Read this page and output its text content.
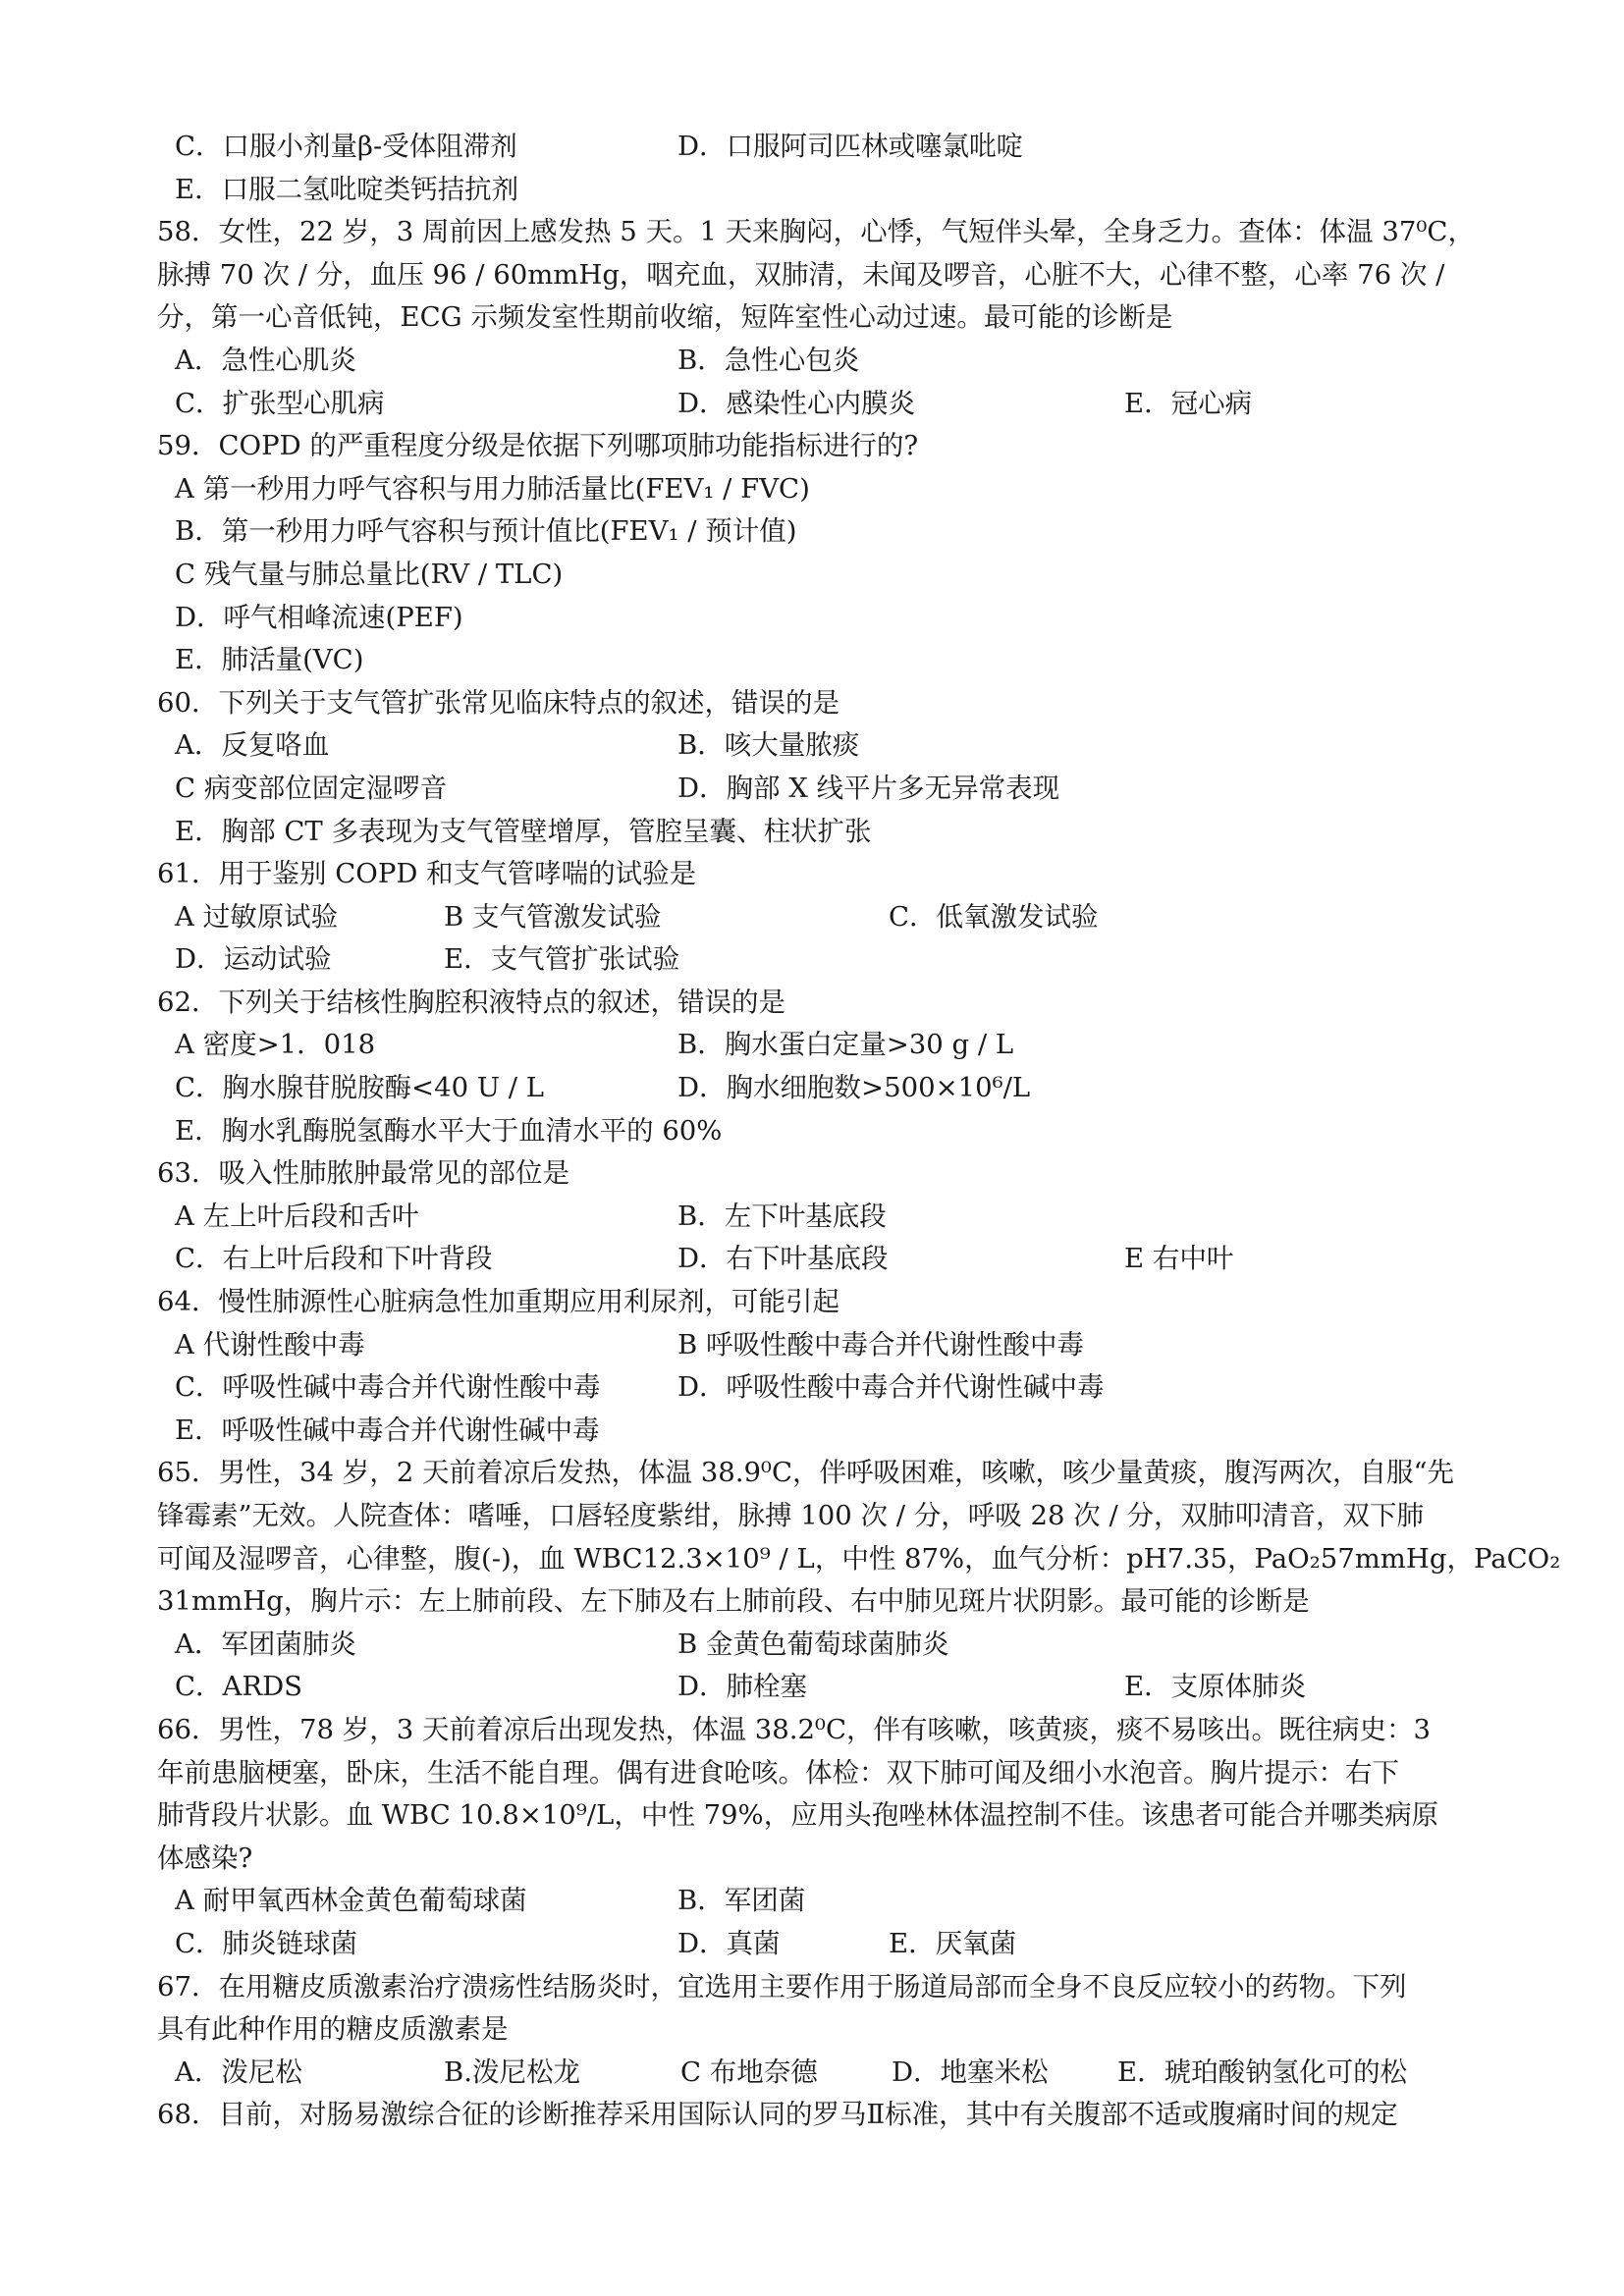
C．口服小剂量β-受体阻滞剂	D．口服阿司匹林或噻氯吡啶
E．口服二氢吡啶类钙拮抗剂
58．女性，22 岁，3 周前因上感发热 5 天。1 天来胸闷，心悸，气短伴头晕，全身乏力。查体：体温 37⁰C，
脉搏 70 次 / 分，血压 96 / 60mmHg，咽充血，双肺清，未闻及啰音，心脏不大，心律不整，心率 76 次 /
分，第一心音低钝，ECG 示频发室性期前收缩，短阵室性心动过速。最可能的诊断是
A．急性心肌炎	B．急性心包炎
C．扩张型心肌病	D．感染性心内膜炎	E．冠心病
59．COPD 的严重程度分级是依据下列哪项肺功能指标进行的?
A 第一秒用力呼气容积与用力肺活量比(FEV₁ / FVC)
B．第一秒用力呼气容积与预计值比(FEV₁ / 预计值)
C 残气量与肺总量比(RV / TLC)
D．呼气相峰流速(PEF)
E．肺活量(VC)
60．下列关于支气管扩张常见临床特点的叙述，错误的是
A．反复咯血	B．咳大量脓痰
C 病变部位固定湿啰音	D．胸部 X 线平片多无异常表现
E．胸部 CT 多表现为支气管壁增厚，管腔呈囊、柱状扩张
61．用于鉴别 COPD 和支气管哮喘的试验是
A 过敏原试验	B 支气管激发试验	C．低氧激发试验
D．运动试验	E．支气管扩张试验
62．下列关于结核性胸腔积液特点的叙述，错误的是
A 密度>1．018	B．胸水蛋白定量>30 g / L
C．胸水腺苷脱胺酶<40 U / L	D．胸水细胞数>500×10⁶/L
E．胸水乳酶脱氢酶水平大于血清水平的 60%
63．吸入性肺脓肿最常见的部位是
A 左上叶后段和舌叶	B．左下叶基底段
C．右上叶后段和下叶背段	D．右下叶基底段	E 右中叶
64．慢性肺源性心脏病急性加重期应用利尿剂，可能引起
A 代谢性酸中毒	B 呼吸性酸中毒合并代谢性酸中毒
C．呼吸性碱中毒合并代谢性酸中毒	D．呼吸性酸中毒合并代谢性碱中毒
E．呼吸性碱中毒合并代谢性碱中毒
65．男性，34 岁，2 天前着凉后发热，体温 38.9⁰C，伴呼吸困难，咳嗽，咳少量黄痰，腹泻两次，自服“先
锋霉素”无效。人院查体：嗜唾，口唇轻度紫绀，脉搏 100 次 / 分，呼吸 28 次 / 分，双肺叩清音，双下肺
可闻及湿啰音，心律整，腹(-)，血 WBC12.3×10⁹ / L，中性 87%，血气分析：pH7.35，PaO₂57mmHg，PaCO₂
31mmHg，胸片示：左上肺前段、左下肺及右上肺前段、右中肺见斑片状阴影。最可能的诊断是
A．军团菌肺炎	B 金黄色葡萄球菌肺炎
C．ARDS	D．肺栓塞	E．支原体肺炎
66．男性，78 岁，3 天前着凉后出现发热，体温 38.2⁰C，伴有咳嗽，咳黄痰，痰不易咳出。既往病史：3
年前患脑梗塞，卧床，生活不能自理。偶有进食呛咳。体检：双下肺可闻及细小水泡音。胸片提示：右下
肺背段片状影。血 WBC 10.8×10⁹/L，中性 79%，应用头孢唑林体温控制不佳。该患者可能合并哪类病原
体感染?
A 耐甲氧西林金黄色葡萄球菌	B．军团菌
C．肺炎链球菌	D．真菌	E．厌氧菌
67．在用糖皮质激素治疗溃疡性结肠炎时，宜选用主要作用于肠道局部而全身不良反应较小的药物。下列
具有此种作用的糖皮质激素是
A．泼尼松	B.泼尼松龙	C 布地奈德	D．地塞米松	E．琥珀酸钠氢化可的松
68．目前，对肠易激综合征的诊断推荐采用国际认同的罗马Ⅱ标准，其中有关腹部不适或腹痛时间的规定
